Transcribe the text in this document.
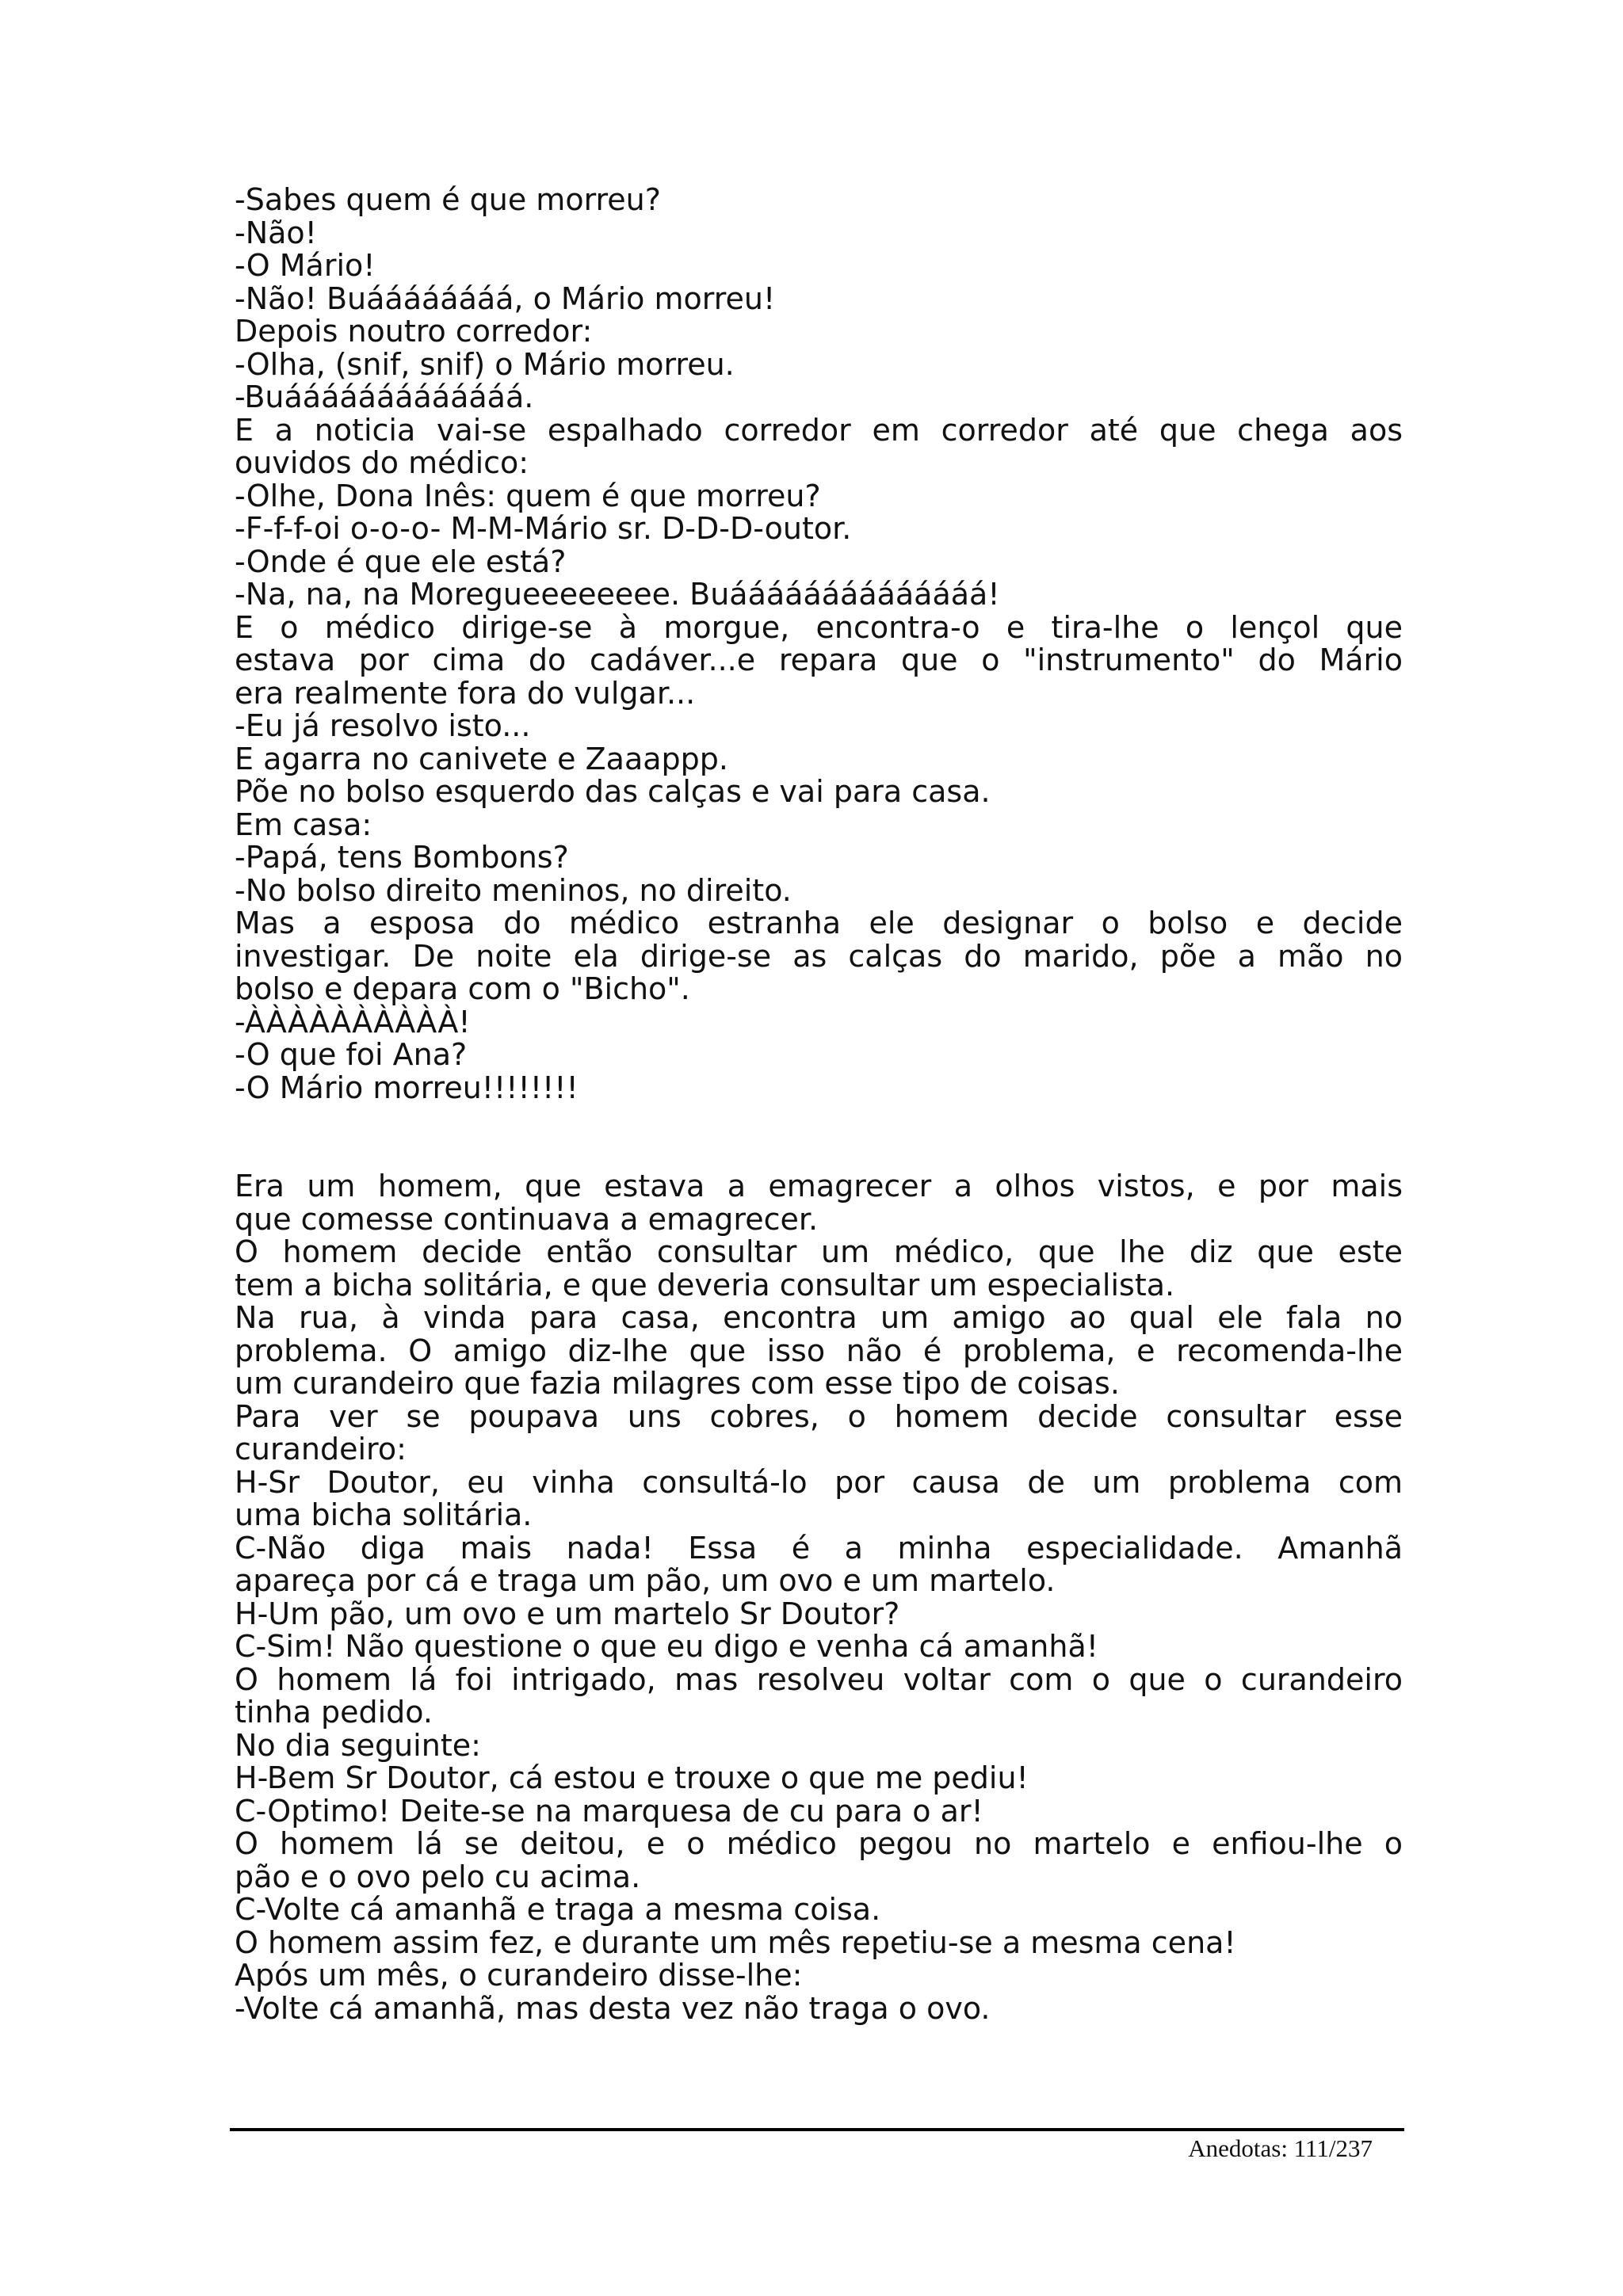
-Sabes quem é que morreu?
-Não!
-O Mário!
-Não! Buáááááááá, o Mário morreu!
Depois noutro corredor:
-Olha, (snif, snif) o Mário morreu.
-Buááááááááááááá.
E a noticia vai-se espalhado corredor em corredor até que chega aos
ouvidos do médico:
-Olhe, Dona Inês: quem é que morreu?
-F-f-f-oi o-o-o- M-M-Mário sr. D-D-D-outor.
-Onde é que ele está?
-Na, na, na Moregueeeeeeee. Buáááááááááááááá!
E o médico dirige-se à morgue, encontra-o e tira-lhe o lençol que
estava por cima do cadáver...e repara que o "instrumento" do Mário
era realmente fora do vulgar...
-Eu já resolvo isto...
E agarra no canivete e Zaaappp.
Põe no bolso esquerdo das calças e vai para casa.
Em casa:
-Papá, tens Bombons?
-No bolso direito meninos, no direito.
Mas a esposa do médico estranha ele designar o bolso e decide
investigar. De noite ela dirige-se as calças do marido, põe a mão no
bolso e depara com o "Bicho".
-ÀÀÀÀÀÀÀÀÀÀ!
-O que foi Ana?
-O Mário morreu!!!!!!!!
Era um homem, que estava a emagrecer a olhos vistos, e por mais
que comesse continuava a emagrecer.
O homem decide então consultar um médico, que lhe diz que este
tem a bicha solitária, e que deveria consultar um especialista.
Na rua, à vinda para casa, encontra um amigo ao qual ele fala no
problema. O amigo diz-lhe que isso não é problema, e recomenda-lhe
um curandeiro que fazia milagres com esse tipo de coisas.
Para ver se poupava uns cobres, o homem decide consultar esse
curandeiro:
H-Sr Doutor, eu vinha consultá-lo por causa de um problema com
uma bicha solitária.
C-Não diga mais nada! Essa é a minha especialidade. Amanhã
apareça por cá e traga um pão, um ovo e um martelo.
H-Um pão, um ovo e um martelo Sr Doutor?
C-Sim! Não questione o que eu digo e venha cá amanhã!
O homem lá foi intrigado, mas resolveu voltar com o que o curandeiro
tinha pedido.
No dia seguinte:
H-Bem Sr Doutor, cá estou e trouxe o que me pediu!
C-Optimo! Deite-se na marquesa de cu para o ar!
O homem lá se deitou, e o médico pegou no martelo e enfiou-lhe o
pão e o ovo pelo cu acima.
C-Volte cá amanhã e traga a mesma coisa.
O homem assim fez, e durante um mês repetiu-se a mesma cena!
Após um mês, o curandeiro disse-lhe:
-Volte cá amanhã, mas desta vez não traga o ovo.
Anedotas: 111/237
